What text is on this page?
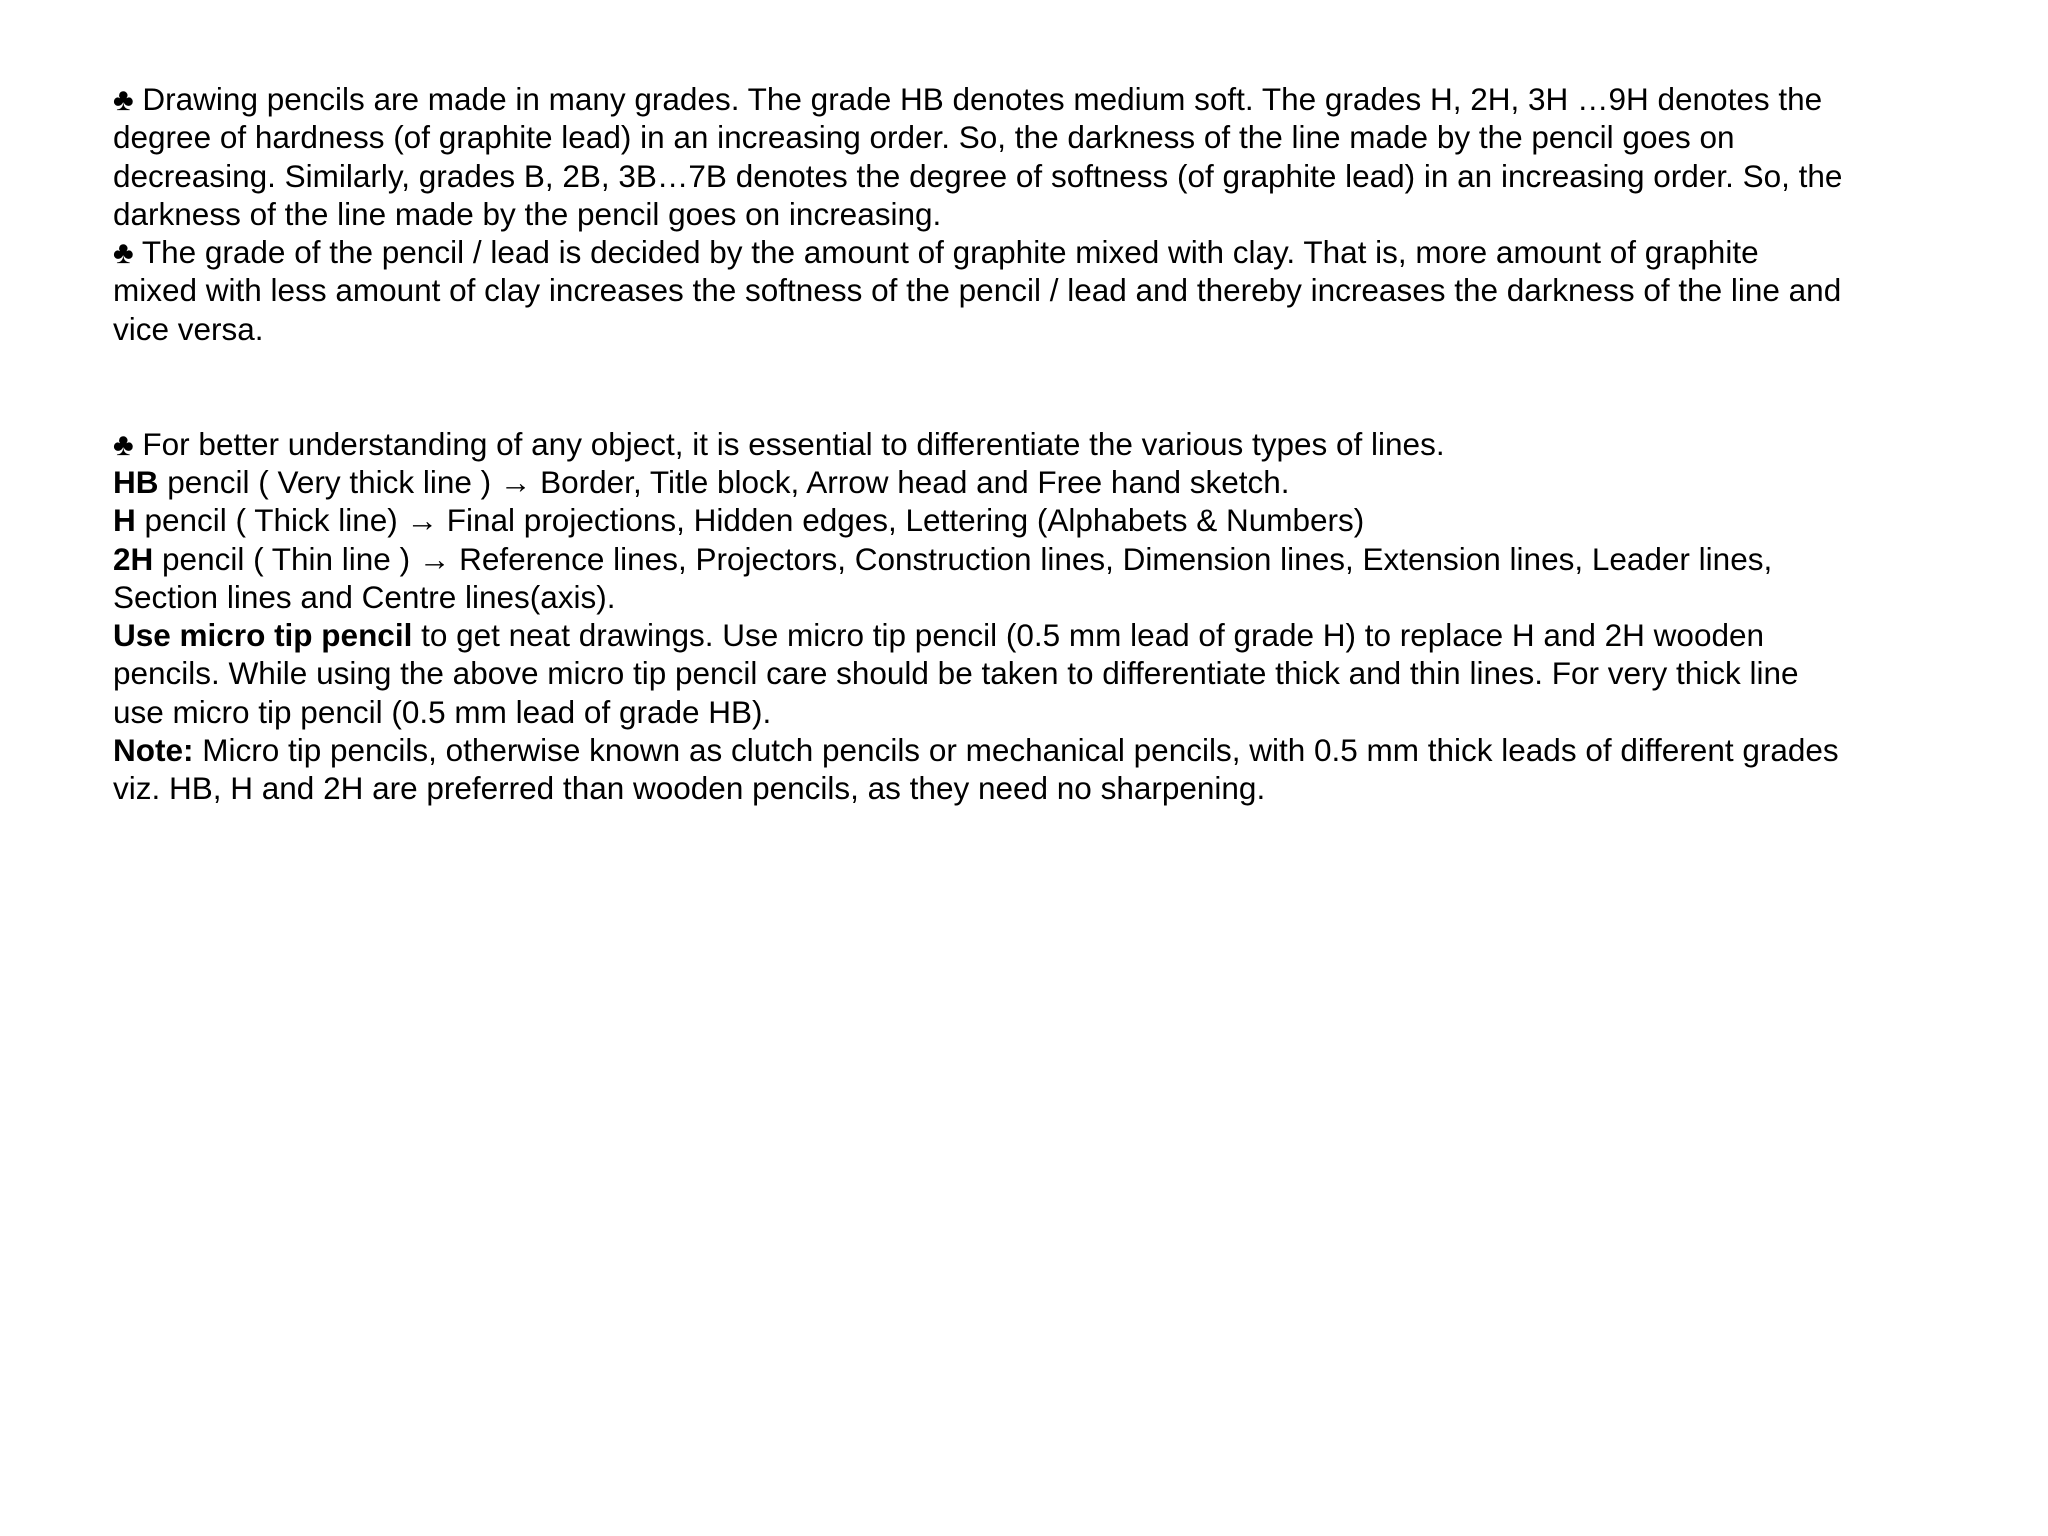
♣ Drawing pencils are made in many grades. The grade HB denotes medium soft. The grades H, 2H, 3H …9H denotes the
degree of hardness (of graphite lead) in an increasing order. So, the darkness of the line made by the pencil goes on
decreasing. Similarly, grades B, 2B, 3B…7B denotes the degree of softness (of graphite lead) in an increasing order. So, the
darkness of the line made by the pencil goes on increasing.
♣ The grade of the pencil / lead is decided by the amount of graphite mixed with clay. That is, more amount of graphite
mixed with less amount of clay increases the softness of the pencil / lead and thereby increases the darkness of the line and
vice versa.
♣ For better understanding of any object, it is essential to differentiate the various types of lines.
HB pencil ( Very thick line ) → Border, Title block, Arrow head and Free hand sketch.
H pencil ( Thick line) → Final projections, Hidden edges, Lettering (Alphabets & Numbers)
2H pencil ( Thin line ) → Reference lines, Projectors, Construction lines, Dimension lines, Extension lines, Leader lines,
Section lines and Centre lines(axis).
Use micro tip pencil to get neat drawings. Use micro tip pencil (0.5 mm lead of grade H) to replace H and 2H wooden
pencils. While using the above micro tip pencil care should be taken to differentiate thick and thin lines. For very thick line
use micro tip pencil (0.5 mm lead of grade HB).
Note: Micro tip pencils, otherwise known as clutch pencils or mechanical pencils, with 0.5 mm thick leads of different grades
viz. HB, H and 2H are preferred than wooden pencils, as they need no sharpening.
